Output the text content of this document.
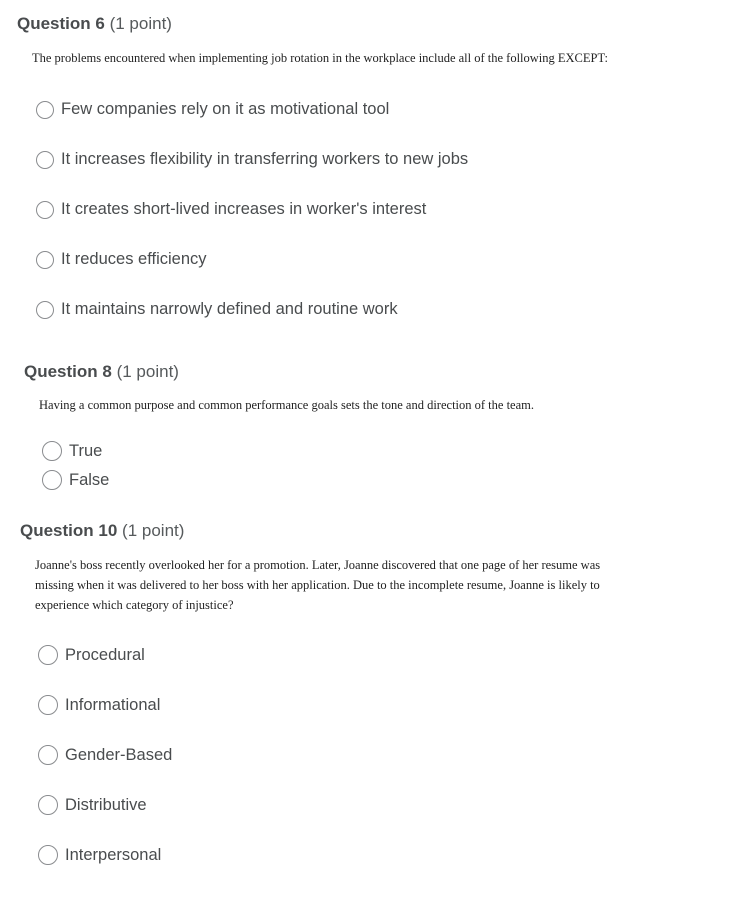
Question 6 (1 point)
The problems encountered when implementing job rotation in the workplace include all of the following EXCEPT:
Few companies rely on it as motivational tool
It increases flexibility in transferring workers to new jobs
It creates short-lived increases in worker's interest
It reduces efficiency
It maintains narrowly defined and routine work
Question 8 (1 point)
Having a common purpose and common performance goals sets the tone and direction of the team.
True
False
Question 10 (1 point)
Joanne's boss recently overlooked her for a promotion. Later, Joanne discovered that one page of her resume was
missing when it was delivered to her boss with her application. Due to the incomplete resume, Joanne is likely to
experience which category of injustice?
Procedural
Informational
Gender-Based
Distributive
Interpersonal
